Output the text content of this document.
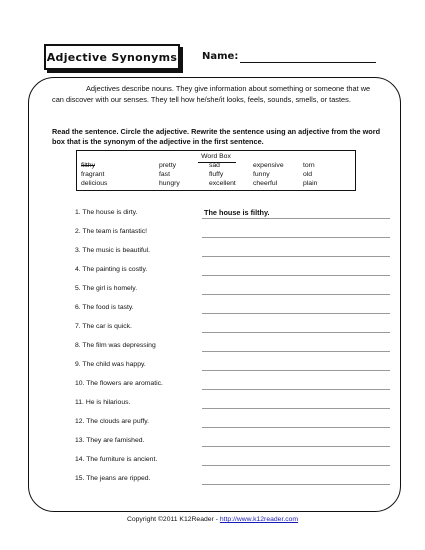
Adjective Synonyms Name:
Adjectives describe nouns. They give information about something or someone that we can discover with our senses. They tell how he/she/it looks, feels, sounds, smells, or tastes.
Read the sentence. Circle the adjective. Rewrite the sentence using an adjective from the word box that is the synonym of the adjective in the first sentence.
Word Box
filthy	pretty	sad	expensive	torn
fragrant	fast	fluffy	funny	old
delicious	hungry	excellent	cheerful	plain
1. The house is dirty.	The house is filthy.
2. The team is fantastic!
3. The music is beautiful.
4. The painting is costly.
5. The girl is homely.
6. The food is tasty.
7. The car is quick.
8. The film was depressing
9. The child was happy.
10. The flowers are aromatic.
11. He is hilarious.
12. The clouds are puffy.
13. They are famished.
14. The furniture is ancient.
15. The jeans are ripped.
Copyright ©2011 K12Reader - http://www.k12reader.com
